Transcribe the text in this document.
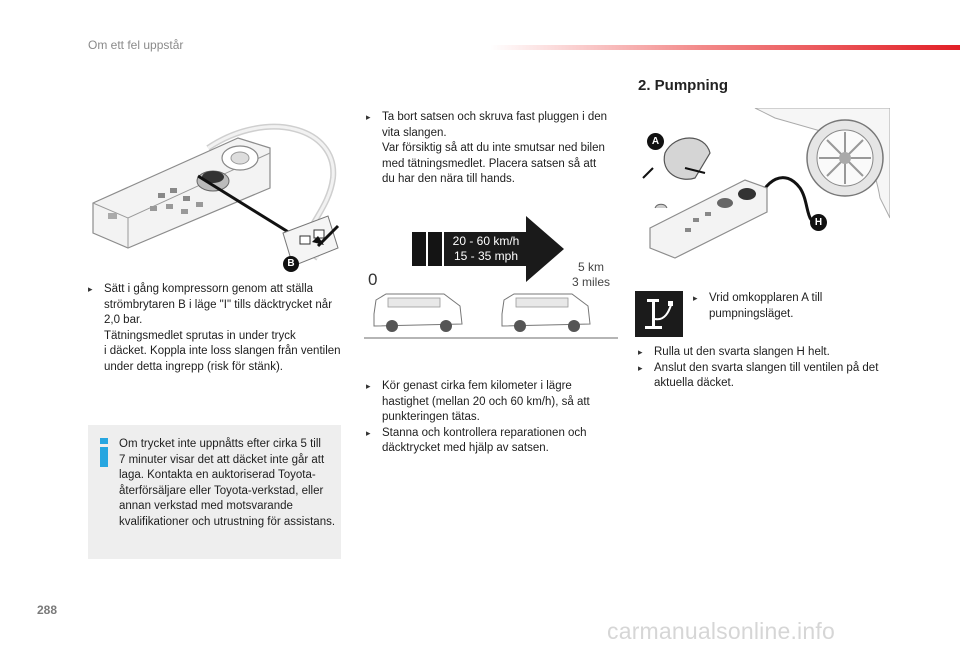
Om ett fel uppstår
B
▸ Sätt i gång kompressorn genom att ställa strömbrytaren B i läge "I" tills däcktrycket når 2,0 bar.
Tätningsmedlet sprutas in under tryck
i däcket. Koppla inte loss slangen från ventilen under detta ingrepp (risk för stänk).
Om trycket inte uppnåtts efter cirka 5 till
7 minuter visar det att däcket inte går att laga. Kontakta en auktoriserad Toyota-återförsäljare eller Toyota-verkstad, eller annan verkstad med motsvarande kvalifikationer och utrustning för assistans.
▸ Ta bort satsen och skruva fast pluggen i den vita slangen.
Var försiktig så att du inte smutsar ned bilen med tätningsmedlet. Placera satsen så att du har den nära till hands.
20 - 60 km/h
15 - 35 mph
0
5 km
3 miles
▸ Kör genast cirka fem kilometer i lägre hastighet (mellan 20 och 60 km/h), så att punkteringen tätas.
▸ Stanna och kontrollera reparationen och däcktrycket med hjälp av satsen.
2. Pumpning
A
H
▸ Vrid omkopplaren A till pumpningsläget.
▸ Rulla ut den svarta slangen H helt.
▸ Anslut den svarta slangen till ventilen på det aktuella däcket.
288
carmanualsonline.info
